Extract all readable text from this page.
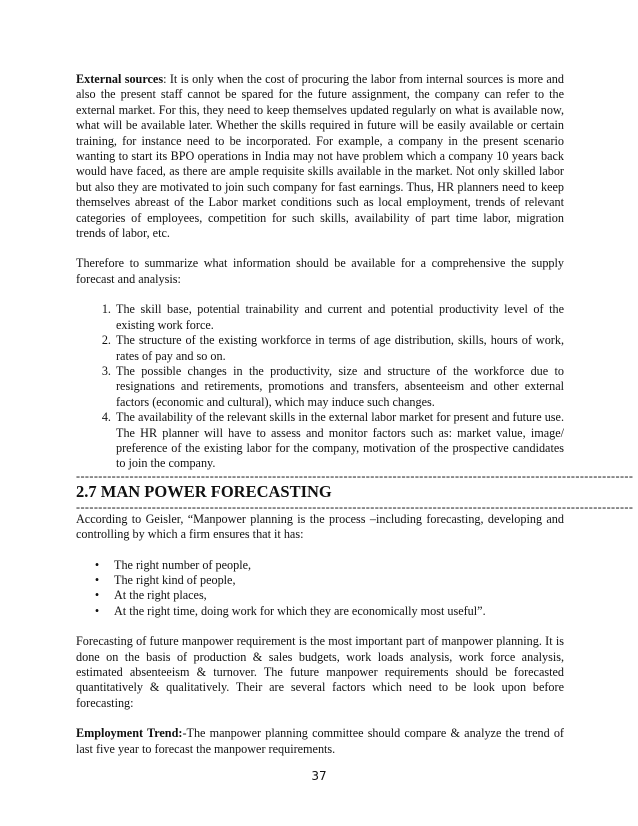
External sources: It is only when the cost of procuring the labor from internal sources is more and also the present staff cannot be spared for the future assignment, the company can refer to the external market. For this, they need to keep themselves updated regularly on what is available now, what will be available later. Whether the skills required in future will be easily available or certain training, for instance need to be incorporated. For example, a company in the present scenario wanting to start its BPO operations in India may not have problem which a company 10 years back would have faced, as there are ample requisite skills available in the market. Not only skilled labor but also they are motivated to join such company for fast earnings. Thus, HR planners need to keep themselves abreast of the Labor market conditions such as local employment, trends of relevant categories of employees, competition for such skills, availability of part time labor, migration trends of labor, etc.

Therefore to summarize what information should be available for a comprehensive the supply forecast and analysis:

1. The skill base, potential trainability and current and potential productivity level of the existing work force.
2. The structure of the existing workforce in terms of age distribution, skills, hours of work, rates of pay and so on.
3. The possible changes in the productivity, size and structure of the workforce due to resignations and retirements, promotions and transfers, absenteeism and other external factors (economic and cultural), which may induce such changes.
4. The availability of the relevant skills in the external labor market for present and future use. The HR planner will have to assess and monitor factors such as: market value, image/ preference of the existing labor for the company, motivation of the prospective candidates to join the company.
-----------------------------------------------------------------------------------------------------------------------------
2.7 MAN POWER FORECASTING
-----------------------------------------------------------------------------------------------------------------------------

According to Geisler, “Manpower planning is the process –including forecasting, developing and controlling by which a firm ensures that it has:

• The right number of people,
• The right kind of people,
• At the right places,
• At the right time, doing work for which they are economically most useful”.

Forecasting of future manpower requirement is the most important part of manpower planning. It is done on the basis of production & sales budgets, work loads analysis, work force analysis, estimated absenteeism & turnover. The future manpower requirements should be forecasted quantitatively & qualitatively. Their are several factors which need to be look upon before forecasting:

Employment Trend:-The manpower planning committee should compare & analyze the trend of last five year to forecast the manpower requirements.

37
